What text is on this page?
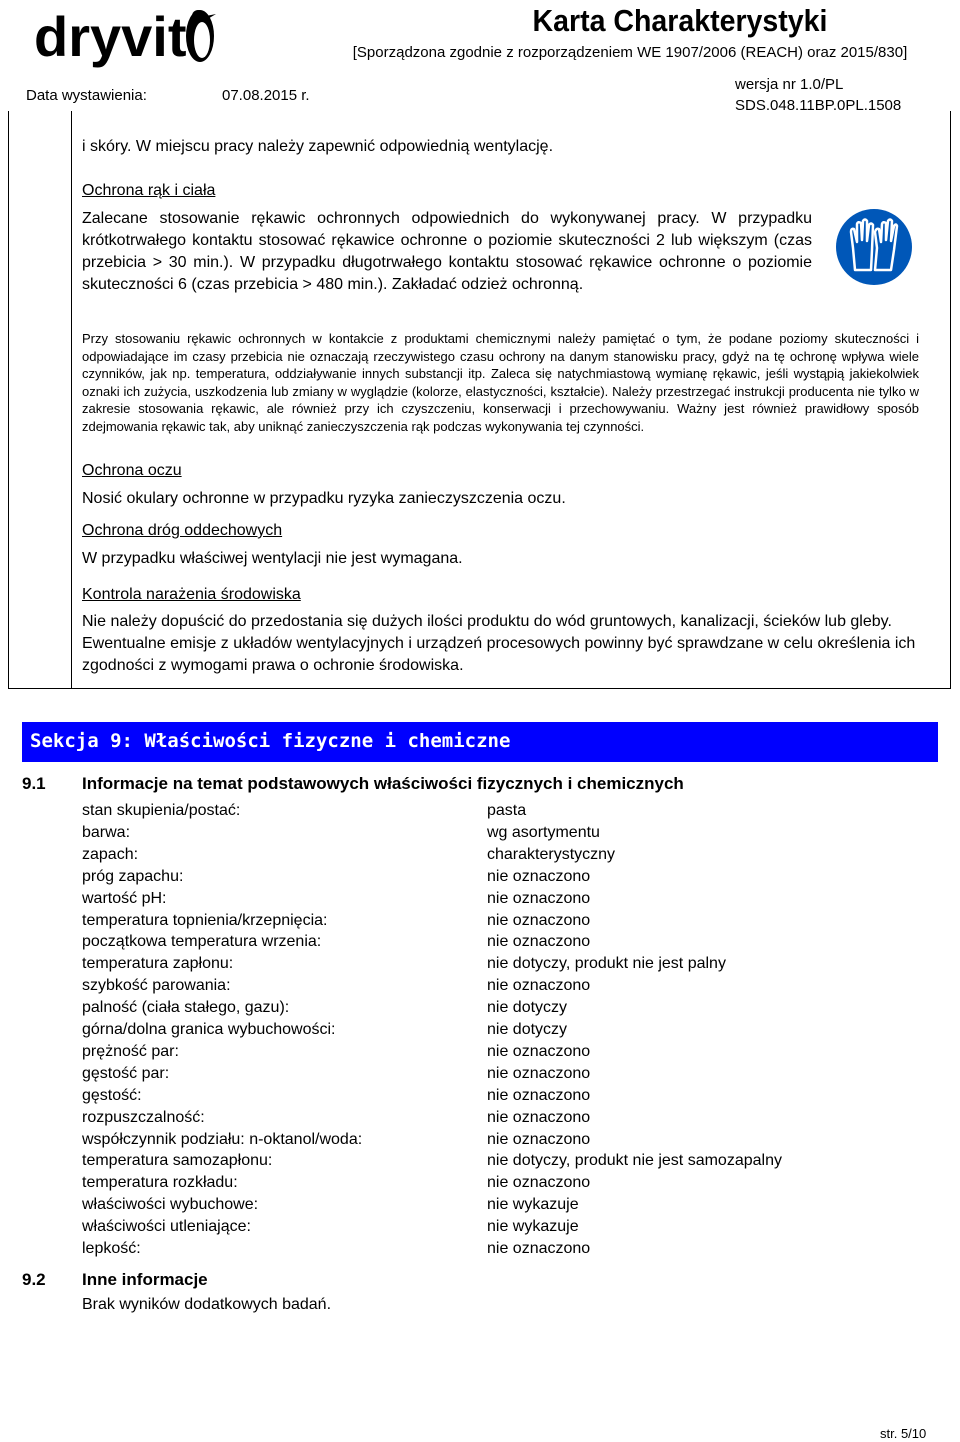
dryvit	Karta Charakterystyki
[Sporządzona zgodnie z rozporządzeniem WE 1907/2006 (REACH) oraz 2015/830]
Data wystawienia:	07.08.2015 r.
wersja nr 1.0/PL
SDS.048.11BP.0PL.1508
i skóry. W miejscu pracy należy zapewnić odpowiednią wentylację.
Ochrona rąk i ciała
Zalecane stosowanie rękawic ochronnych odpowiednich do wykonywanej pracy. W przypadku krótkotrwałego kontaktu stosować rękawice ochronne o poziomie skuteczności 2 lub większym (czas przebicia > 30 min.). W przypadku długotrwałego kontaktu stosować rękawice ochronne o poziomie skuteczności 6 (czas przebicia > 480 min.). Zakładać odzież ochronną.
Przy stosowaniu rękawic ochronnych w kontakcie z produktami chemicznymi należy pamiętać o tym, że podane poziomy skuteczności i odpowiadające im czasy przebicia nie oznaczają rzeczywistego czasu ochrony na danym stanowisku pracy, gdyż na tę ochronę wpływa wiele czynników, jak np. temperatura, oddziaływanie innych substancji itp. Zaleca się natychmiastową wymianę rękawic, jeśli wystąpią jakiekolwiek oznaki ich zużycia, uszkodzenia lub zmiany w wyglądzie (kolorze, elastyczności, kształcie). Należy przestrzegać instrukcji producenta nie tylko w zakresie stosowania rękawic, ale również przy ich czyszczeniu, konserwacji i przechowywaniu. Ważny jest również prawidłowy sposób zdejmowania rękawic tak, aby uniknąć zanieczyszczenia rąk podczas wykonywania tej czynności.
Ochrona oczu
Nosić okulary ochronne w przypadku ryzyka zanieczyszczenia oczu.
Ochrona dróg oddechowych
W przypadku właściwej wentylacji nie jest wymagana.
Kontrola narażenia środowiska
Nie należy dopuścić do przedostania się dużych ilości produktu do wód gruntowych, kanalizacji, ścieków lub gleby. Ewentualne emisje z układów wentylacyjnych i urządzeń procesowych powinny być sprawdzane w celu określenia ich zgodności z wymogami prawa o ochronie środowiska.
Sekcja 9: Właściwości fizyczne i chemiczne
9.1 Informacje na temat podstawowych właściwości fizycznych i chemicznych
stan skupienia/postać:	pasta
barwa:	wg asortymentu
zapach:	charakterystyczny
próg zapachu:	nie oznaczono
wartość pH:	nie oznaczono
temperatura topnienia/krzepnięcia:	nie oznaczono
początkowa temperatura wrzenia:	nie oznaczono
temperatura zapłonu:	nie dotyczy, produkt nie jest palny
szybkość parowania:	nie oznaczono
palność (ciała stałego, gazu):	nie dotyczy
górna/dolna granica wybuchowości:	nie dotyczy
prężność par:	nie oznaczono
gęstość par:	nie oznaczono
gęstość:	nie oznaczono
rozpuszczalność:	nie oznaczono
współczynnik podziału: n-oktanol/woda:	nie oznaczono
temperatura samozapłonu:	nie dotyczy, produkt nie jest samozapalny
temperatura rozkładu:	nie oznaczono
właściwości wybuchowe:	nie wykazuje
właściwości utleniające:	nie wykazuje
lepkość:	nie oznaczono
9.2 Inne informacje
Brak wyników dodatkowych badań.
str. 5/10
